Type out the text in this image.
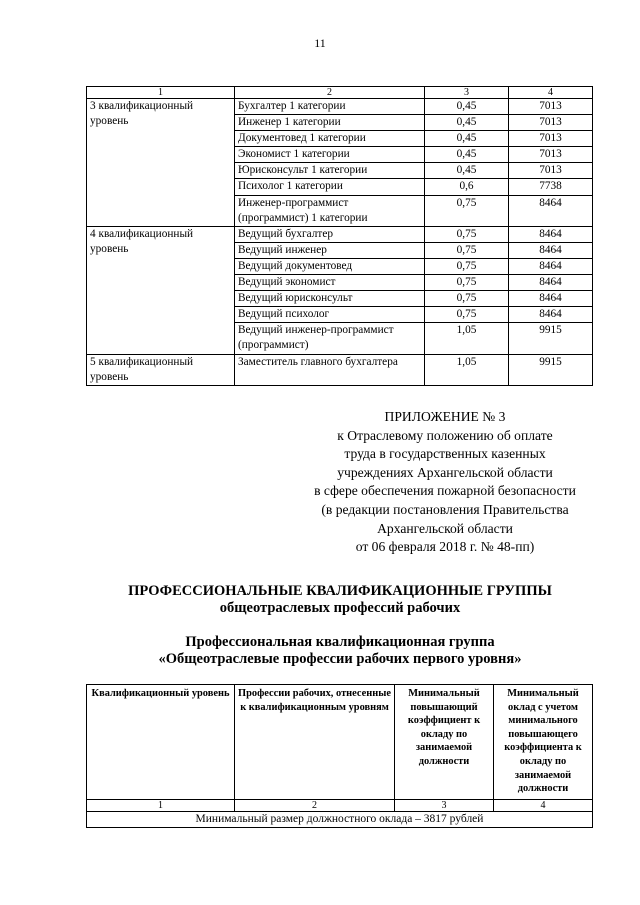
11
1	2	3	4
3 квалификационный уровень	Бухгалтер 1 категории	0,45	7013
	Инженер 1 категории	0,45	7013
	Документовед 1 категории	0,45	7013
	Экономист 1 категории	0,45	7013
	Юрисконсульт 1 категории	0,45	7013
	Психолог 1 категории	0,6	7738
	Инженер-программист (программист) 1 категории	0,75	8464
4 квалификационный уровень	Ведущий бухгалтер	0,75	8464
	Ведущий инженер	0,75	8464
	Ведущий документовед	0,75	8464
	Ведущий экономист	0,75	8464
	Ведущий юрисконсульт	0,75	8464
	Ведущий психолог	0,75	8464
	Ведущий инженер-программист (программист)	1,05	9915
5 квалификационный уровень	Заместитель главного бухгалтера	1,05	9915
ПРИЛОЖЕНИЕ № 3
к Отраслевому положению об оплате
труда в государственных казенных
учреждениях Архангельской области
в сфере обеспечения пожарной безопасности
(в редакции постановления Правительства
Архангельской области
от 06 февраля 2018 г. № 48-пп)
ПРОФЕССИОНАЛЬНЫЕ КВАЛИФИКАЦИОННЫЕ ГРУППЫ
общеотраслевых профессий рабочих
Профессиональная квалификационная группа
«Общеотраслевые профессии рабочих первого уровня»
Квалификационный уровень	Профессии рабочих, отнесенные к квалификационным уровням	Минимальный повышающий коэффициент к окладу по занимаемой должности	Минимальный оклад с учетом минимального повышающего коэффициента к окладу по занимаемой должности
1	2	3	4
Минимальный размер должностного оклада – 3817 рублей			
